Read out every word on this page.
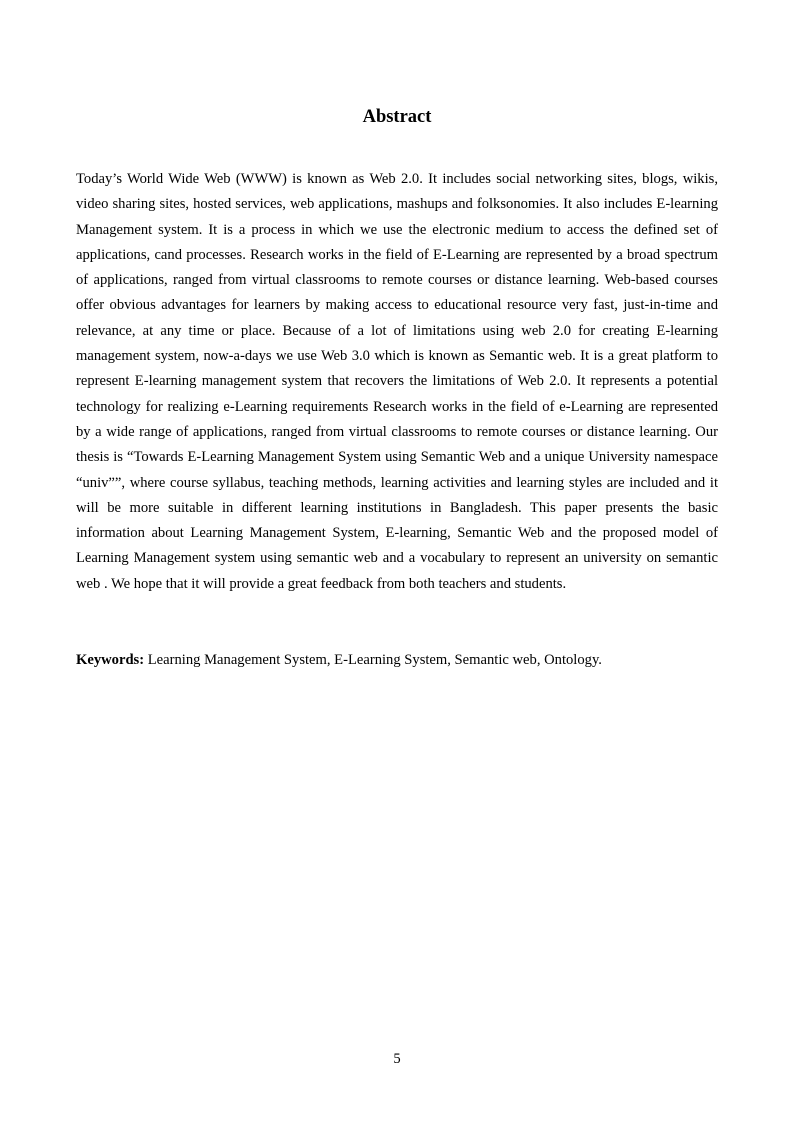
Abstract

Today’s World Wide Web (WWW) is known as Web 2.0. It includes social networking sites, blogs, wikis, video sharing sites, hosted services, web applications, mashups and folksonomies. It also includes E-learning Management system. It is a process in which we use the electronic medium to access the defined set of applications, cand processes. Research works in the field of E-Learning are represented by a broad spectrum of applications, ranged from virtual classrooms to remote courses or distance learning. Web-based courses offer obvious advantages for learners by making access to educational resource very fast, just-in-time and relevance, at any time or place. Because of a lot of limitations using web 2.0 for creating E-learning management system, now-a-days we use Web 3.0 which is known as Semantic web. It is a great platform to represent E-learning management system that recovers the limitations of Web 2.0. It represents a potential technology for realizing e-Learning requirements Research works in the field of e-Learning are represented by a wide range of applications, ranged from virtual classrooms to remote courses or distance learning. Our thesis is “Towards E-Learning Management System using Semantic Web and a unique University namespace “univ””, where course syllabus, teaching methods, learning activities and learning styles are included and it will be more suitable in different learning institutions in Bangladesh. This paper presents the basic information about Learning Management System, E-learning, Semantic Web and the proposed model of Learning Management system using semantic web and a vocabulary to represent an university on semantic web . We hope that it will provide a great feedback from both teachers and students.

Keywords: Learning Management System, E-Learning System, Semantic web, Ontology.

5
